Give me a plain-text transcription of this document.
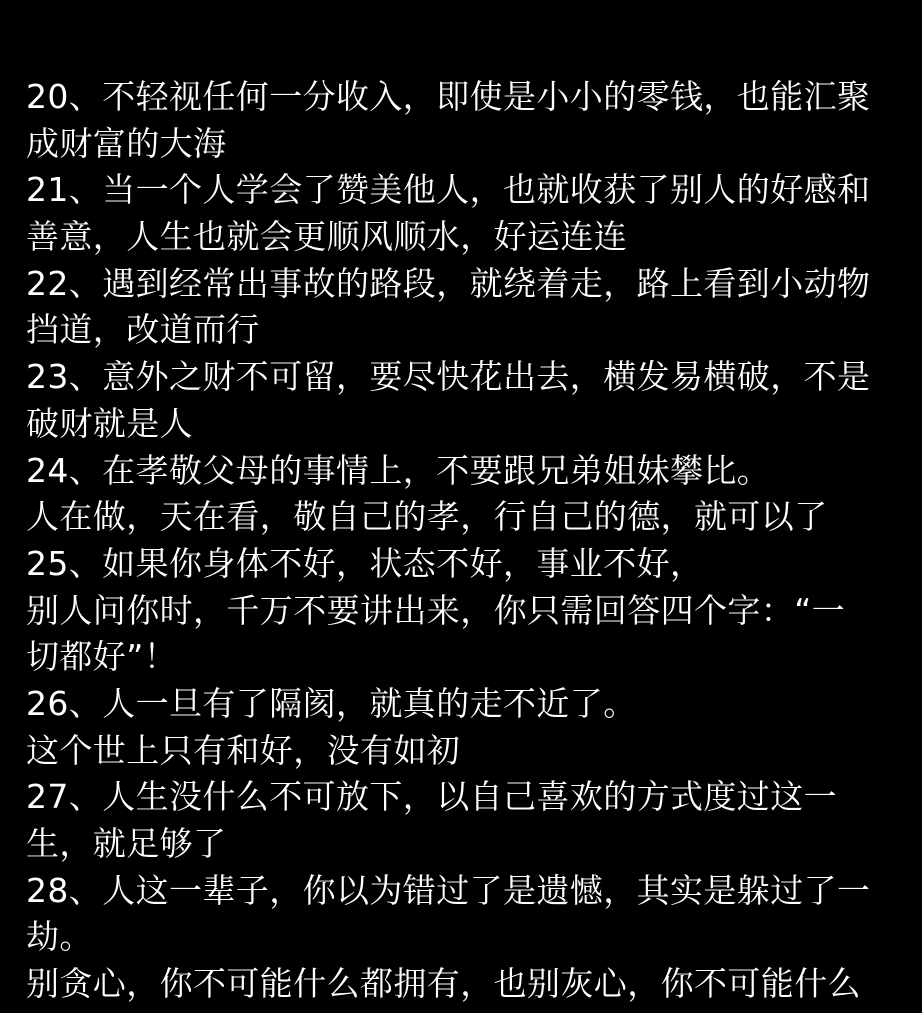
20、不轻视任何一分收入，即使是小小的零钱，也能汇聚
成财富的大海
21、当一个人学会了赞美他人，也就收获了别人的好感和
善意，人生也就会更顺风顺水，好运连连
22、遇到经常出事故的路段，就绕着走，路上看到小动物
挡道，改道而行
23、意外之财不可留，要尽快花出去，横发易横破，不是
破财就是人
24、在孝敬父母的事情上，不要跟兄弟姐妹攀比。
人在做，天在看，敬自己的孝，行自己的德，就可以了
25、如果你身体不好，状态不好，事业不好，
别人问你时，千万不要讲出来，你只需回答四个字：“一
切都好”！
26、人一旦有了隔阂，就真的走不近了。
这个世上只有和好，没有如初
27、人生没什么不可放下，以自己喜欢的方式度过这一
生，就足够了
28、人这一辈子，你以为错过了是遗憾，其实是躲过了一
劫。
别贪心，你不可能什么都拥有，也别灰心，你不可能什么
